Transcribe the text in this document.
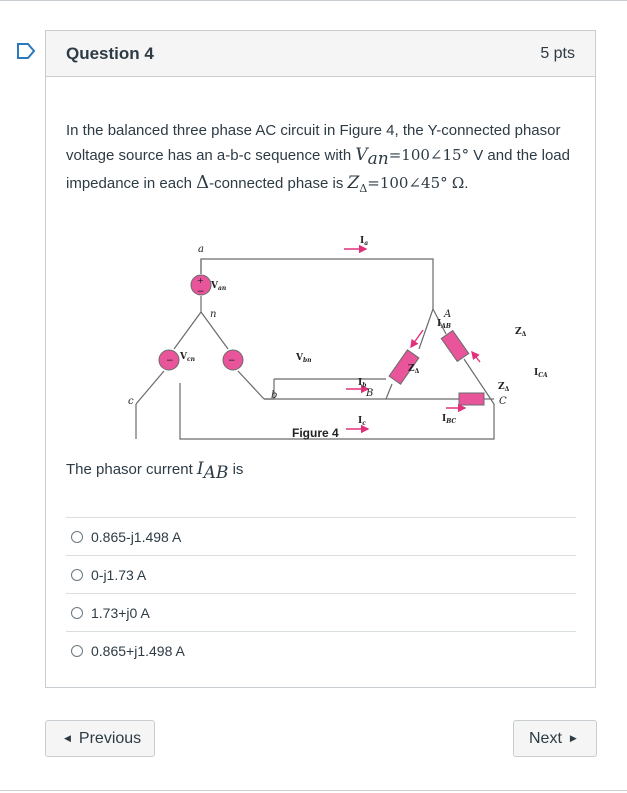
Question 4	5 pts
In the balanced three phase AC circuit in Figure 4, the Y-connected phasor voltage source has an a-b-c sequence with $V_{an}=100\angle 15^\circ$ V and the load impedance in each Δ-connected phase is $Z_\Delta=100\angle 45^\circ$ Ω.
+
−
−	−
a
n
b
c
A
B
C
$V_{an}$
$V_{cn}$	$V_{bn}$
$I_a$
$I_b$
$I_c$
$I_{AB}$
$I_{BC}$
$I_{CA}$
$Z_\Delta$
$Z_\Delta$
$Z_\Delta$
Figure 4
The phasor current $I_{AB}$ is
0.865-j1.498 A
0-j1.73 A
1.73+j0 A
0.865+j1.498 A
◀ Previous	Next ▶
